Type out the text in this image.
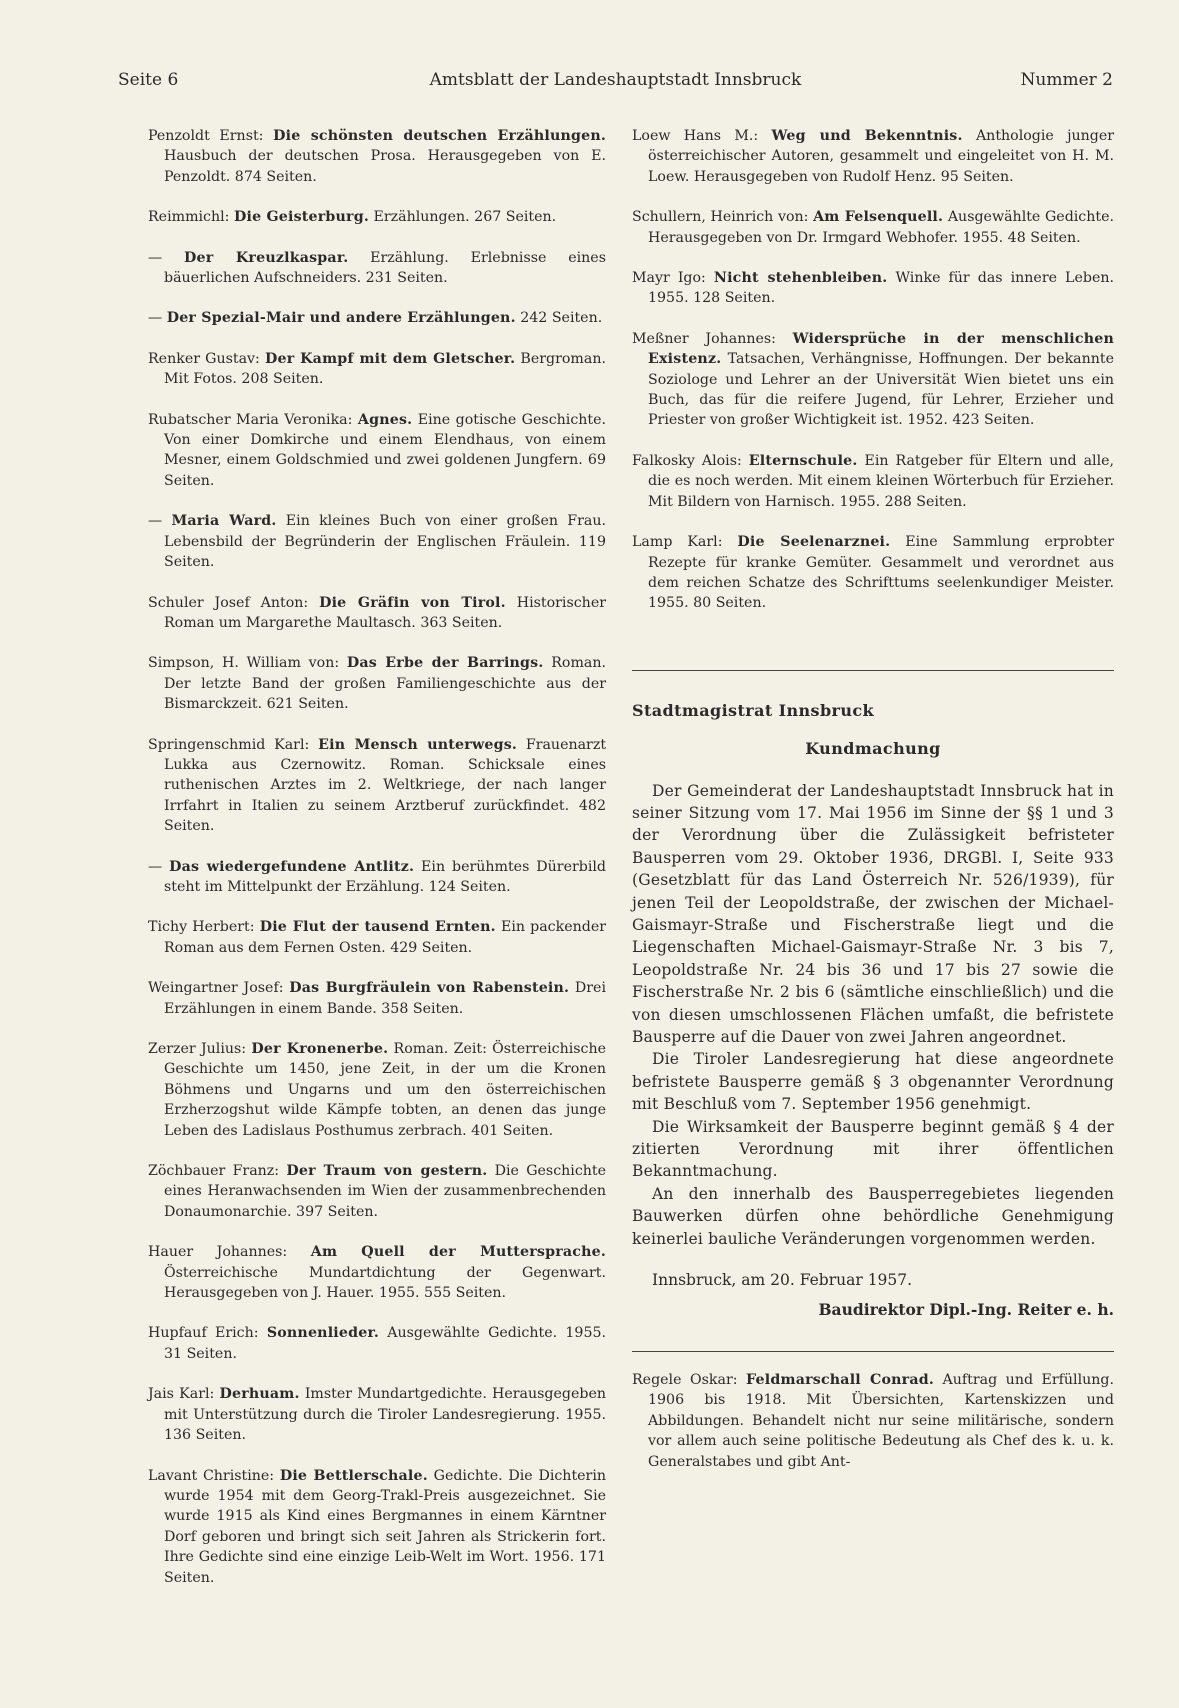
Seite 6	Amtsblatt der Landeshauptstadt Innsbruck	Nummer 2
Penzoldt Ernst: Die schönsten deutschen Erzählungen. Hausbuch der deutschen Prosa. Herausgegeben von E. Penzoldt. 874 Seiten.
Reimmichl: Die Geisterburg. Erzählungen. 267 Seiten.
— Der Kreuzlkaspar. Erzählung. Erlebnisse eines bäuerlichen Aufschneiders. 231 Seiten.
— Der Spezial-Mair und andere Erzählungen. 242 Seiten.
Renker Gustav: Der Kampf mit dem Gletscher. Bergroman. Mit Fotos. 208 Seiten.
Rubatscher Maria Veronika: Agnes. Eine gotische Geschichte. Von einer Domkirche und einem Elendhaus, von einem Mesner, einem Goldschmied und zwei goldenen Jungfern. 69 Seiten.
— Maria Ward. Ein kleines Buch von einer großen Frau. Lebensbild der Begründerin der Englischen Fräulein. 119 Seiten.
Schuler Josef Anton: Die Gräfin von Tirol. Historischer Roman um Margarethe Maultasch. 363 Seiten.
Simpson, H. William von: Das Erbe der Barrings. Roman. Der letzte Band der großen Familiengeschichte aus der Bismarckzeit. 621 Seiten.
Springenschmid Karl: Ein Mensch unterwegs. Frauenarzt Lukka aus Czernowitz. Roman. Schicksale eines ruthenischen Arztes im 2. Weltkriege, der nach langer Irrfahrt in Italien zu seinem Arztberuf zurückfindet. 482 Seiten.
— Das wiedergefundene Antlitz. Ein berühmtes Dürerbild steht im Mittelpunkt der Erzählung. 124 Seiten.
Tichy Herbert: Die Flut der tausend Ernten. Ein packender Roman aus dem Fernen Osten. 429 Seiten.
Weingartner Josef: Das Burgfräulein von Rabenstein. Drei Erzählungen in einem Bande. 358 Seiten.
Zerzer Julius: Der Kronenerbe. Roman. Zeit: Österreichische Geschichte um 1450, jene Zeit, in der um die Kronen Böhmens und Ungarns und um den österreichischen Erzherzogshut wilde Kämpfe tobten, an denen das junge Leben des Ladislaus Posthumus zerbrach. 401 Seiten.
Zöchbauer Franz: Der Traum von gestern. Die Geschichte eines Heranwachsenden im Wien der zusammenbrechenden Donaumonarchie. 397 Seiten.
Hauer Johannes: Am Quell der Muttersprache. Österreichische Mundartdichtung der Gegenwart. Herausgegeben von J. Hauer. 1955. 555 Seiten.
Hupfauf Erich: Sonnenlieder. Ausgewählte Gedichte. 1955. 31 Seiten.
Jais Karl: Derhuam. Imster Mundartgedichte. Herausgegeben mit Unterstützung durch die Tiroler Landesregierung. 1955. 136 Seiten.
Lavant Christine: Die Bettlerschale. Gedichte. Die Dichterin wurde 1954 mit dem Georg-Trakl-Preis ausgezeichnet. Sie wurde 1915 als Kind eines Bergmannes in einem Kärntner Dorf geboren und bringt sich seit Jahren als Strickerin fort. Ihre Gedichte sind eine einzige Leib-Welt im Wort. 1956. 171 Seiten.
Loew Hans M.: Weg und Bekenntnis. Anthologie junger österreichischer Autoren, gesammelt und eingeleitet von H. M. Loew. Herausgegeben von Rudolf Henz. 95 Seiten.
Schullern, Heinrich von: Am Felsenquell. Ausgewählte Gedichte. Herausgegeben von Dr. Irmgard Webhofer. 1955. 48 Seiten.
Mayr Igo: Nicht stehenbleiben. Winke für das innere Leben. 1955. 128 Seiten.
Meßner Johannes: Widersprüche in der menschlichen Existenz. Tatsachen, Verhängnisse, Hoffnungen. Der bekannte Soziologe und Lehrer an der Universität Wien bietet uns ein Buch, das für die reifere Jugend, für Lehrer, Erzieher und Priester von großer Wichtigkeit ist. 1952. 423 Seiten.
Falkosky Alois: Elternschule. Ein Ratgeber für Eltern und alle, die es noch werden. Mit einem kleinen Wörterbuch für Erzieher. Mit Bildern von Harnisch. 1955. 288 Seiten.
Lamp Karl: Die Seelenarznei. Eine Sammlung erprobter Rezepte für kranke Gemüter. Gesammelt und verordnet aus dem reichen Schatze des Schrifttums seelenkundiger Meister. 1955. 80 Seiten.
Stadtmagistrat Innsbruck
Kundmachung

Der Gemeinderat der Landeshauptstadt Innsbruck hat in seiner Sitzung vom 17. Mai 1956 im Sinne der §§ 1 und 3 der Verordnung über die Zulässigkeit befristeter Bausperren vom 29. Oktober 1936, DRGBl. I, Seite 933 (Gesetzblatt für das Land Österreich Nr. 526/1939), für jenen Teil der Leopoldstraße, der zwischen der Michael-Gaismayr-Straße und Fischerstraße liegt und die Liegenschaften Michael-Gaismayr-Straße Nr. 3 bis 7, Leopoldstraße Nr. 24 bis 36 und 17 bis 27 sowie die Fischerstraße Nr. 2 bis 6 (sämtliche einschließlich) und die von diesen umschlossenen Flächen umfaßt, die befristete Bausperre auf die Dauer von zwei Jahren angeordnet.

Die Tiroler Landesregierung hat diese angeordnete befristete Bausperre gemäß § 3 obgenannter Verordnung mit Beschluß vom 7. September 1956 genehmigt.

Die Wirksamkeit der Bausperre beginnt gemäß § 4 der zitierten Verordnung mit ihrer öffentlichen Bekanntmachung.

An den innerhalb des Bausperregebietes liegenden Bauwerken dürfen ohne behördliche Genehmigung keinerlei bauliche Veränderungen vorgenommen werden.

Innsbruck, am 20. Februar 1957.
Baudirektor Dipl.-Ing. Reiter e. h.
Regele Oskar: Feldmarschall Conrad. Auftrag und Erfüllung. 1906 bis 1918. Mit Übersichten, Kartenskizzen und Abbildungen. Behandelt nicht nur seine militärische, sondern vor allem auch seine politische Bedeutung als Chef des k. u. k. Generalstabes und gibt Ant-
